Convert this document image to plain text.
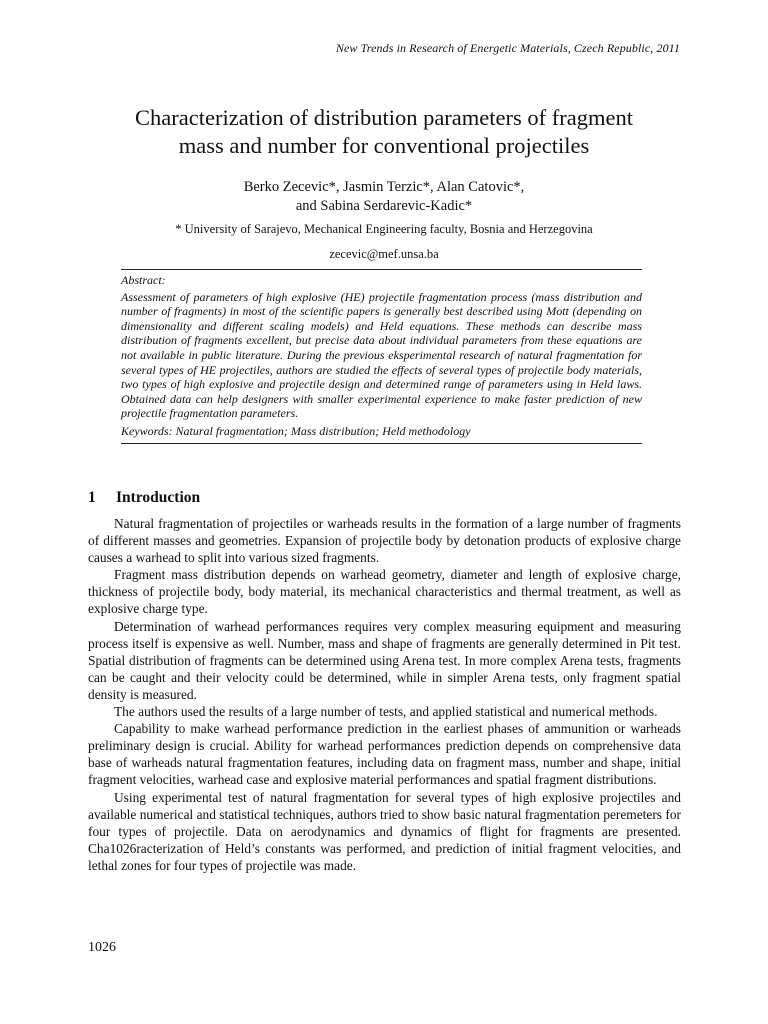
New Trends in Research of Energetic Materials, Czech Republic, 2011
Characterization of distribution parameters of fragment
mass and number for conventional projectiles
Berko Zecevic*, Jasmin Terzic*, Alan Catovic*,
and Sabina Serdarevic-Kadic*
* University of Sarajevo, Mechanical Engineering faculty, Bosnia and Herzegovina
zecevic@mef.unsa.ba

Abstract:

Assessment of parameters of high explosive (HE) projectile fragmentation process (mass distribution and number of fragments) in most of the scientific papers is generally best described using Mott (depending on dimensionality and different scaling models) and Held equations. These methods can describe mass distribution of fragments excellent, but precise data about individual parameters from these equations are not available in public literature. During the previous eksperimental research of natural fragmentation for several types of HE projectiles, authors are studied the effects of several types of projectile body materials, two types of high explosive and projectile design and determined range of parameters using in Held laws. Obtained data can help designers with smaller experimental experience to make faster prediction of new projectile fragmentation parameters.

Keywords: Natural fragmentation; Mass distribution; Held methodology

1 Introduction

Natural fragmentation of projectiles or warheads results in the formation of a large number of fragments of different masses and geometries. Expansion of projectile body by detonation products of explosive charge causes a warhead to split into various sized fragments.

Fragment mass distribution depends on warhead geometry, diameter and length of explosive charge, thickness of projectile body, body material, its mechanical characteristics and thermal treatment, as well as explosive charge type.

Determination of warhead performances requires very complex measuring equipment and measuring process itself is expensive as well. Number, mass and shape of fragments are generally determined in Pit test. Spatial distribution of fragments can be determined using Arena test. In more complex Arena tests, fragments can be caught and their velocity could be determined, while in simpler Arena tests, only fragment spatial density is measured.

The authors used the results of a large number of tests, and applied statistical and numerical methods.

Capability to make warhead performance prediction in the earliest phases of ammunition or warheads preliminary design is crucial. Ability for warhead performances prediction depends on comprehensive data base of warheads natural fragmentation features, including data on fragment mass, number and shape, initial fragment velocities, warhead case and explosive material performances and spatial fragment distributions.

Using experimental test of natural fragmentation for several types of high explosive projectiles and available numerical and statistical techniques, authors tried to show basic natural fragmentation peremeters for four types of projectile. Data on aerodynamics and dynamics of flight for fragments are presented. Cha1026racterization of Held’s constants was performed, and prediction of initial fragment velocities, and lethal zones for four types of projectile was made.

1026
